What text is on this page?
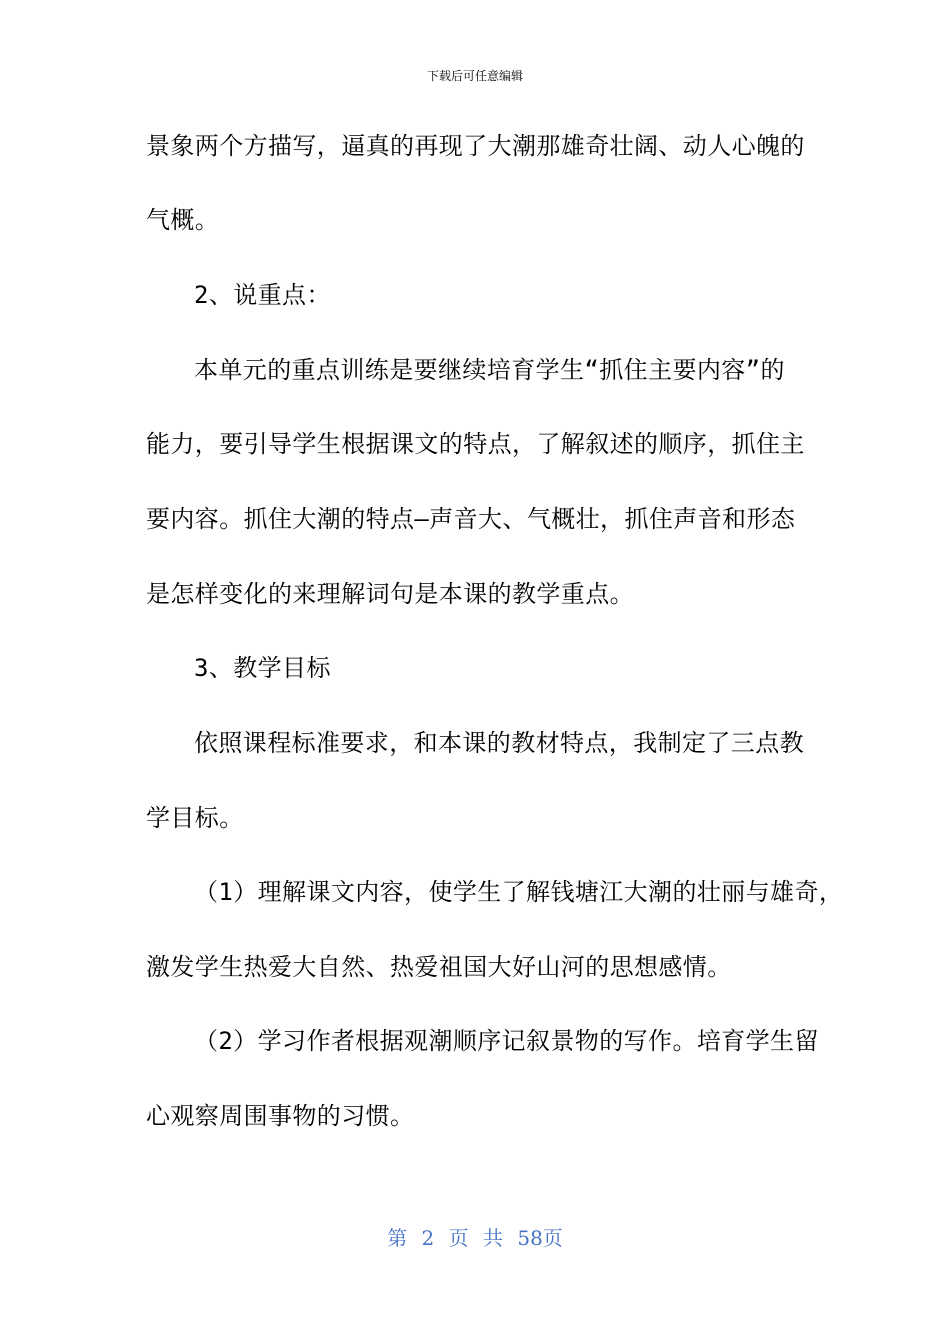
下载后可任意编辑
景象两个方描写，逼真的再现了大潮那雄奇壮阔、动人心魄的
气概。
2、说重点：
本单元的重点训练是要继续培育学生“抓住主要内容”的
能力，要引导学生根据课文的特点，了解叙述的顺序，抓住主
要内容。抓住大潮的特点—声音大、气概壮，抓住声音和形态
是怎样变化的来理解词句是本课的教学重点。
3、教学目标
依照课程标准要求，和本课的教材特点，我制定了三点教
学目标。
（1）理解课文内容，使学生了解钱塘江大潮的壮丽与雄奇，
激发学生热爱大自然、热爱祖国大好山河的思想感情。
（2）学习作者根据观潮顺序记叙景物的写作。培育学生留
心观察周围事物的习惯。
第 2 页 共 58页
